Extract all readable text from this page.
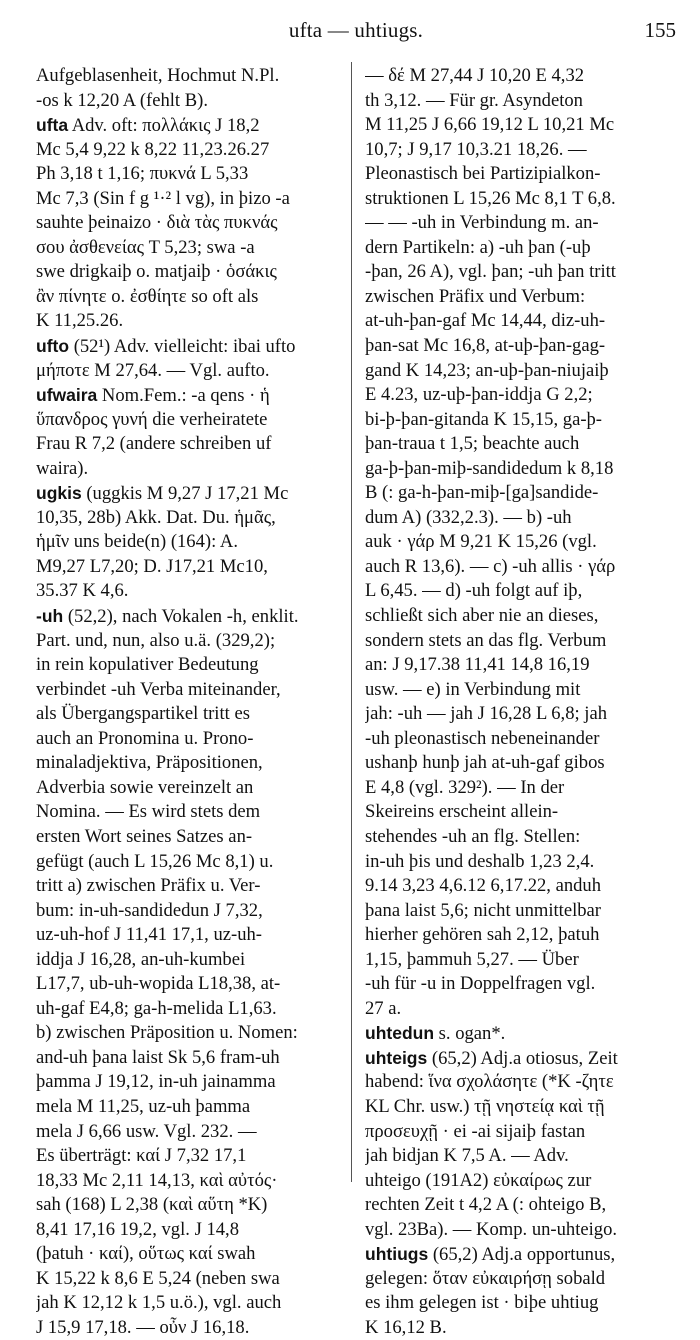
ufta — uhtiugs.	155
Aufgeblasenheit, Hochmut N.Pl.
-os k 12,20 A (fehlt B).
ufta Adv. oft: πολλάκις J 18,2
Mc 5,4 9,22 k 8,22 11,23.26.27
Ph 3,18 t 1,16; πυκνά L 5,33
Mc 7,3 (Sin f g ¹·² l vg), in þizo -a
sauhte þeinaizo · διὰ τὰς πυκνάς
σου ἀσθενείας T 5,23; swa -a
swe drigkaiþ o. matjaiþ · ὁσάκις
ἂν πίνητε o. ἐσθίητε so oft als
K 11,25.26.
ufto (52¹) Adv. vielleicht: ibai ufto
μήποτε M 27,64. — Vgl. aufto.
ufwaira Nom.Fem.: -a qens · ἡ
ὕπανδρος γυνή die verheiratete
Frau R 7,2 (andere schreiben uf
waira).
ugkis (uggkis M 9,27 J 17,21 Mc
10,35, 28b) Akk. Dat. Du. ἡμᾶς,
ἡμῖν uns beide(n) (164): A.
M9,27 L7,20; D. J17,21 Mc10,
35.37 K 4,6.
-uh (52,2), nach Vokalen -h, enklit.
Part. und, nun, also u.ä. (329,2);
in rein kopulativer Bedeutung
verbindet -uh Verba miteinander,
als Übergangspartikel tritt es
auch an Pronomina u. Prono-
minaladjektiva, Präpositionen,
Adverbia sowie vereinzelt an
Nomina. — Es wird stets dem
ersten Wort seines Satzes an-
gefügt (auch L 15,26 Mc 8,1) u.
tritt a) zwischen Präfix u. Ver-
bum: in-uh-sandidedun J 7,32,
uz-uh-hof J 11,41 17,1, uz-uh-
iddja J 16,28, an-uh-kumbei
L17,7, ub-uh-wopida L18,38, at-
uh-gaf E4,8; ga-h-melida L1,63.
b) zwischen Präposition u. Nomen:
and-uh þana laist Sk 5,6 fram-uh
þamma J 19,12, in-uh jainamma
mela M 11,25, uz-uh þamma
mela J 6,66 usw. Vgl. 232. —
Es überträgt: καί J 7,32 17,1
18,33 Mc 2,11 14,13, καὶ αὐτός·
sah (168) L 2,38 (καὶ αὕτη *K)
8,41 17,16 19,2, vgl. J 14,8
(þatuh · καί), οὕτως καί swah
K 15,22 k 8,6 E 5,24 (neben swa
jah K 12,12 k 1,5 u.ö.), vgl. auch
J 15,9 17,18. — οὖν J 16,18.
— δέ M 27,44 J 10,20 E 4,32
th 3,12. — Für gr. Asyndeton
M 11,25 J 6,66 19,12 L 10,21 Mc
10,7; J 9,17 10,3.21 18,26. —
Pleonastisch bei Partizipialkon-
struktionen L 15,26 Mc 8,1 T 6,8.
— — -uh in Verbindung m. an-
dern Partikeln: a) -uh þan (-uþ
-þan, 26 A), vgl. þan; -uh þan tritt
zwischen Präfix und Verbum:
at-uh-þan-gaf Mc 14,44, diz-uh-
þan-sat Mc 16,8, at-uþ-þan-gag-
gand K 14,23; an-uþ-þan-niujaiþ
E 4.23, uz-uþ-þan-iddja G 2,2;
bi-þ-þan-gitanda K 15,15, ga-þ-
þan-traua t 1,5; beachte auch
ga-þ-þan-miþ-sandidedum k 8,18
B (: ga-h-þan-miþ-[ga]sandide-
dum A) (332,2.3). — b) -uh
auk · γάρ M 9,21 K 15,26 (vgl.
auch R 13,6). — c) -uh allis · γάρ
L 6,45. — d) -uh folgt auf iþ,
schließt sich aber nie an dieses,
sondern stets an das flg. Verbum
an: J 9,17.38 11,41 14,8 16,19
usw. — e) in Verbindung mit
jah: -uh — jah J 16,28 L 6,8; jah
-uh pleonastisch nebeneinander
ushanþ hunþ jah at-uh-gaf gibos
E 4,8 (vgl. 329²). — In der
Skeireins erscheint allein-
stehendes -uh an flg. Stellen:
in-uh þis und deshalb 1,23 2,4.
9.14 3,23 4,6.12 6,17.22, anduh
þana laist 5,6; nicht unmittelbar
hierher gehören sah 2,12, þatuh
1,15, þammuh 5,27. — Über
-uh für -u in Doppelfragen vgl.
27 a.
uhtedun s. ogan*.
uhteigs (65,2) Adj.a otiosus, Zeit
habend: ἵνα σχολάσητε (*K -ζητε
KL Chr. usw.) τῇ νηστείᾳ καὶ τῇ
προσευχῇ · ei -ai sijaiþ fastan
jah bidjan K 7,5 A. — Adv.
uhteigo (191A2) εὐκαίρως zur
rechten Zeit t 4,2 A (: ohteigo B,
vgl. 23Ba). — Komp. un-uhteigo.
uhtiugs (65,2) Adj.a opportunus,
gelegen: ὅταν εὐκαιρήσῃ sobald
es ihm gelegen ist · biþe uhtiug
K 16,12 B.
